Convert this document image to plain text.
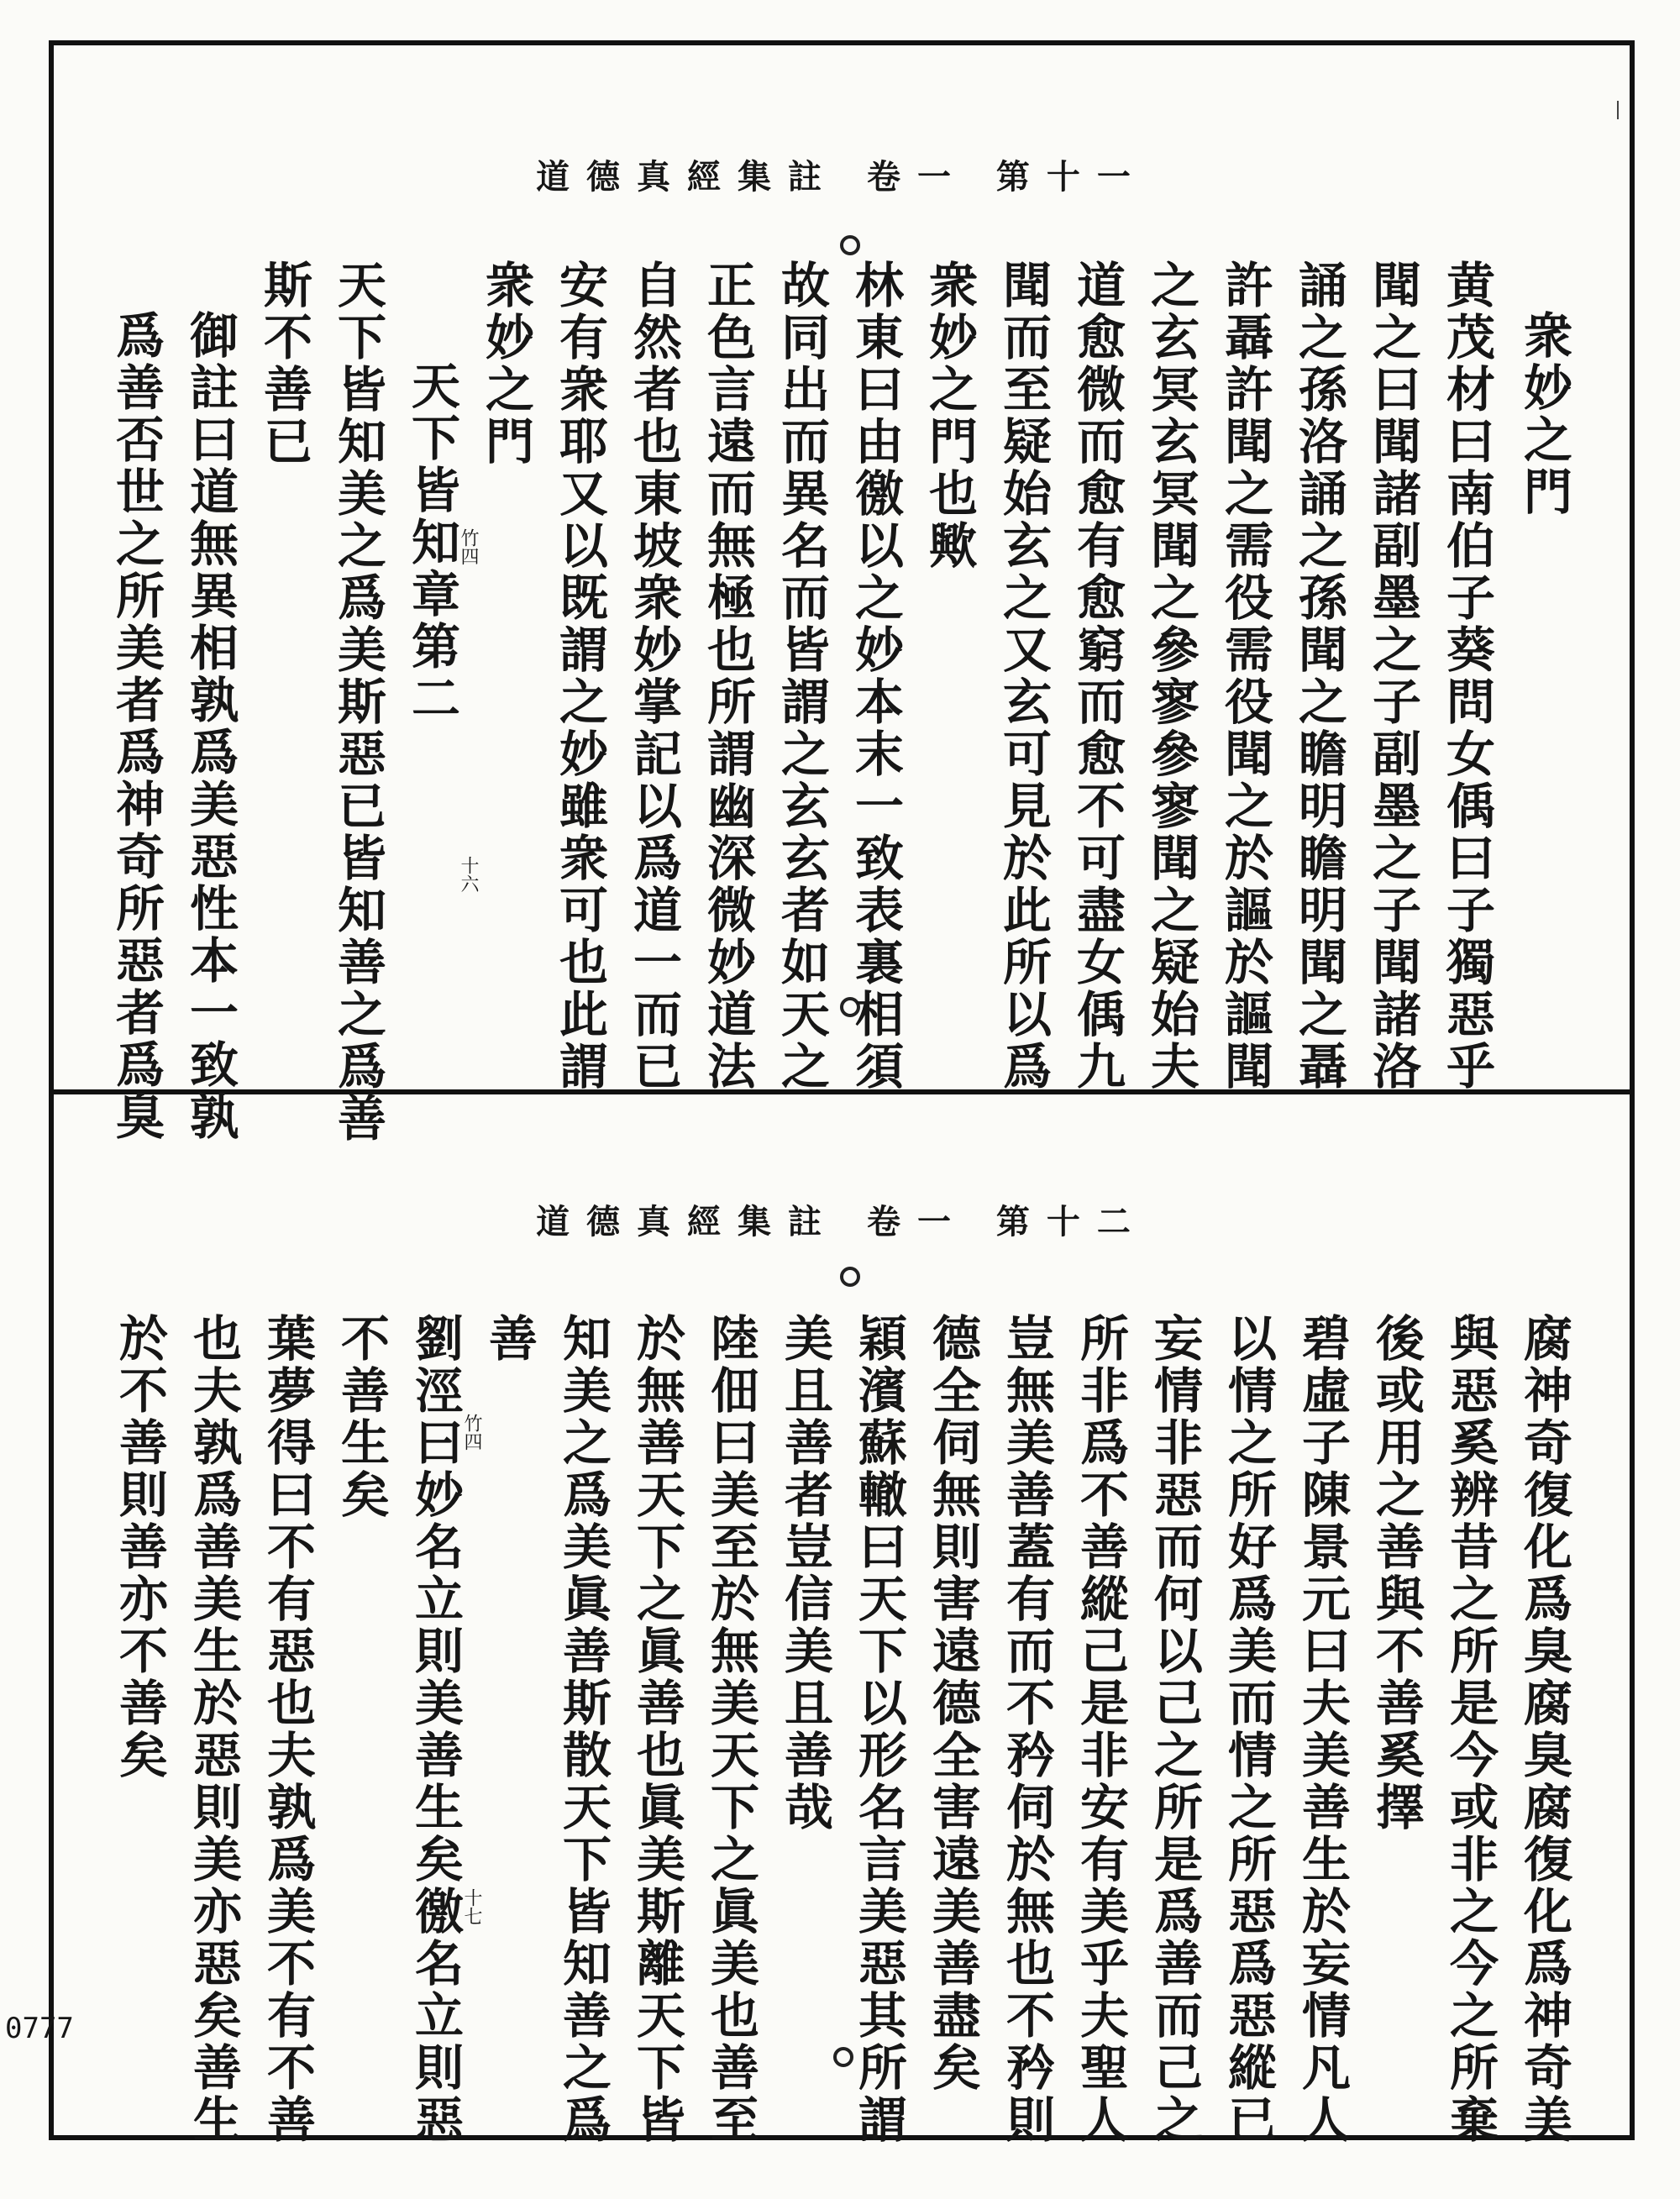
0777
道德真經集註 卷一 第十一
衆妙之門
黄茂材曰南伯子葵問女偊曰子獨惡乎
聞之曰聞諸副墨之子副墨之子聞諸洛
誦之孫洛誦之孫聞之瞻明瞻明聞之聶
許聶許聞之需役需役聞之於謳於謳聞
之玄冥玄冥聞之參寥參寥聞之疑始夫
道愈微而愈有愈窮而愈不可盡女偊九
聞而至疑始玄之又玄可見於此所以爲
衆妙之門也歟
林東曰由徼以之妙本末一致表裏相須
故同出而異名而皆謂之玄玄者如天之
正色言遠而無極也所謂幽深微妙道法
自然者也東坡衆妙掌記以爲道一而已
安有衆耶又以既謂之妙雖衆可也此謂
衆妙之門
天下皆知章第二
天下皆知美之爲美斯惡已皆知善之爲善
斯不善已
御註曰道無異相孰爲美惡性本一致孰
爲善否世之所美者爲神奇所惡者爲臭	十六
竹四
道德真經集註 卷一 第十二
腐神奇復化爲臭腐臭腐復化爲神奇美
與惡奚辨昔之所是今或非之今之所棄
後或用之善與不善奚擇
碧虛子陳景元曰夫美善生於妄情凡人
以情之所好爲美而情之所惡爲惡縱已
妄情非惡而何以己之所是爲善而己之
所非爲不善縱己是非安有美乎夫聖人
豈無美善蓋有而不矜伺於無也不矜則
德全伺無則害遠德全害遠美善盡矣
穎濱蘇轍曰天下以形名言美惡其所謂
美且善者豈信美且善哉
陸佃曰美至於無美天下之眞美也善至
於無善天下之眞善也眞美斯離天下皆
知美之爲美眞善斯散天下皆知善之爲
善
劉涇曰妙名立則美善生矣徼名立則惡
不善生矣
葉夢得曰不有惡也夫孰爲美不有不善
也夫孰爲善美生於惡則美亦惡矣善生
於不善則善亦不善矣
十七
竹四
